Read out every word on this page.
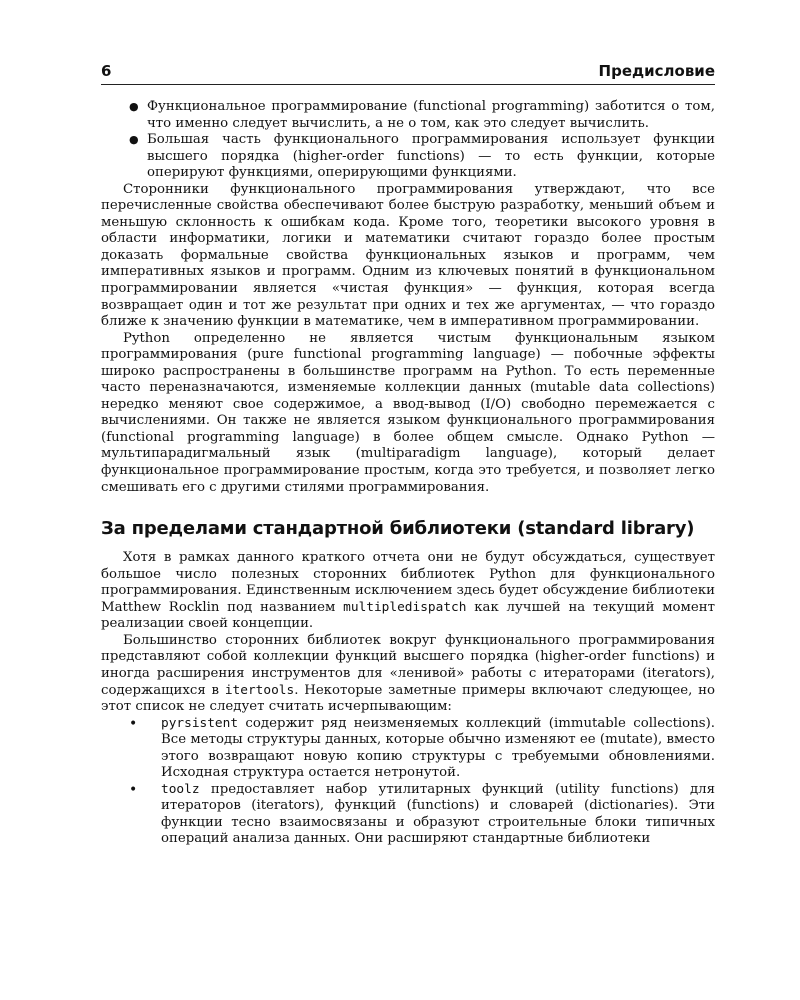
6	Предисловие
● Функциональное программирование (functional programming) заботится о том, что именно следует вычислить, а не о том, как это следует вычислить.
● Большая часть функционального программирования использует функции высшего порядка (higher-order functions) — то есть функции, которые оперируют функциями, оперирующими функциями.

Сторонники функционального программирования утверждают, что все перечисленные свойства обеспечивают более быструю разработку, меньший объем и меньшую склонность к ошибкам кода. Кроме того, теоретики высокого уровня в области информатики, логики и математики считают гораздо более простым доказать формальные свойства функциональных языков и программ, чем императивных языков и программ. Одним из ключевых понятий в функциональном программировании является «чистая функция» — функция, которая всегда возвращает один и тот же результат при одних и тех же аргументах, — что гораздо ближе к значению функции в математике, чем в императивном программировании.

Python определенно не является чистым функциональным языком программирования (pure functional programming language) — побочные эффекты широко распространены в большинстве программ на Python. То есть переменные часто переназначаются, изменяемые коллекции данных (mutable data collections) нередко меняют свое содержимое, а ввод-вывод (I/O) свободно перемежается с вычислениями. Он также не является языком функционального программирования (functional programming language) в более общем смысле. Однако Python — мультипарадигмальный язык (multiparadigm language), который делает функциональное программирование простым, когда это требуется, и позволяет легко смешивать его с другими стилями программирования.

За пределами стандартной библиотеки (standard library)

Хотя в рамках данного краткого отчета они не будут обсуждаться, существует большое число полезных сторонних библиотек Python для функционального программирования. Единственным исключением здесь будет обсуждение библиотеки Matthew Rocklin под названием multipledispatch как лучшей на текущий момент реализации своей концепции.

Большинство сторонних библиотек вокруг функционального программирования представляют собой коллекции функций высшего порядка (higher-order functions) и иногда расширения инструментов для «ленивой» работы с итераторами (iterators), содержащихся в itertools. Некоторые заметные примеры включают следующее, но этот список не следует считать исчерпывающим:

• pyrsistent содержит ряд неизменяемых коллекций (immutable collections). Все методы структуры данных, которые обычно изменяют ее (mutate), вместо этого возвращают новую копию структуры с требуемыми обновлениями. Исходная структура остается нетронутой.
• toolz предоставляет набор утилитарных функций (utility functions) для итераторов (iterators), функций (functions) и словарей (dictionaries). Эти функции тесно взаимосвязаны и образуют строительные блоки типичных операций анализа данных. Они расширяют стандартные библиотеки
